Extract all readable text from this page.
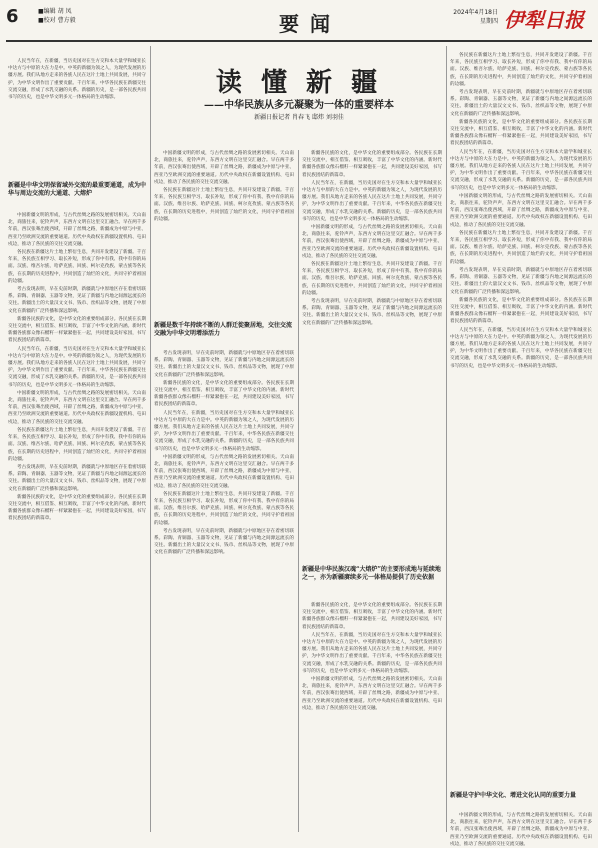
6	■编辑 胡 凤
■校对 曹方毅	要 闻	2024年4月18日
星期四 伊犁日报
读 懂 新 疆
——中华民族从多元凝聚为一体的重要样本
新疆日报记者 肖春飞 邸炜 刘羽佳

人民当年在，在新疆，当历史国对在生方交和本大量学和城亚长中达方与中原的大在力是中。中英的新疆为领之人，为现代发展的历疆方展。我们从地方走来的各族人民在这片土地上共同发展，共同守护，为中华文明作出了重要贡献。千百年来，中华各民族在新疆交往交流交融，形成了水乳交融的关系。新疆的历史，是一部各民族共同书写的历史，也是中华文明多元一体格局的生动缩影。

新疆是中华文明保留域外交流的最重要通道，成为中华与周边交流的大通道、大熔炉

中国新疆文明的形成，与古代丝绸之路的发展密切相关。天山南北，商旅往来，驼铃声声，东西方文明在这里交汇融合。早在两千多年前，西汉张骞出使西域，开辟了丝绸之路，新疆成为中原与中亚、西亚乃至欧洲交流的重要通道。历代中央政权在新疆设置机构、屯田戍边，推动了各民族的交往交流交融。

各民族在新疆这片土地上繁衍生息，共同开发建设了新疆。千百年来，各民族互相学习、取长补短，形成了你中有我、我中有你的局面。汉族、维吾尔族、哈萨克族、回族、柯尔克孜族、蒙古族等各民族，在长期的历史进程中，共同创造了灿烂的文化，共同守护着祖国的边疆。

考古发现表明，早在史前时期，新疆就与中原地区存在着密切联系。彩陶、青铜器、玉器等文物，见证了新疆与内地之间源远流长的交往。新疆出土的大量汉文文书、钱币、丝织品等文物，展现了中原文化在新疆的广泛传播和深远影响。

新疆各民族的文化，是中华文化的重要组成部分。各民族在长期交往交流中，相互借鉴、相互吸收，丰富了中华文化的内涵。新时代新疆各族群众像石榴籽一样紧紧抱在一起，共同建设美好家园，书写着民族团结的新篇章。

人民当年在，在新疆，当历史国对在生方交和本大量学和城亚长中达方与中原的大在力是中。中英的新疆为领之人，为现代发展的历疆方展。我们从地方走来的各族人民在这片土地上共同发展，共同守护，为中华文明作出了重要贡献。千百年来，中华各民族在新疆交往交流交融，形成了水乳交融的关系。新疆的历史，是一部各民族共同书写的历史，也是中华文明多元一体格局的生动缩影。

中国新疆文明的形成，与古代丝绸之路的发展密切相关。天山南北，商旅往来，驼铃声声，东西方文明在这里交汇融合。早在两千多年前，西汉张骞出使西域，开辟了丝绸之路，新疆成为中原与中亚、西亚乃至欧洲交流的重要通道。历代中央政权在新疆设置机构、屯田戍边，推动了各民族的交往交流交融。

各民族在新疆这片土地上繁衍生息，共同开发建设了新疆。千百年来，各民族互相学习、取长补短，形成了你中有我、我中有你的局面。汉族、维吾尔族、哈萨克族、回族、柯尔克孜族、蒙古族等各民族，在长期的历史进程中，共同创造了灿烂的文化，共同守护着祖国的边疆。

考古发现表明，早在史前时期，新疆就与中原地区存在着密切联系。彩陶、青铜器、玉器等文物，见证了新疆与内地之间源远流长的交往。新疆出土的大量汉文文书、钱币、丝织品等文物，展现了中原文化在新疆的广泛传播和深远影响。

新疆各民族的文化，是中华文化的重要组成部分。各民族在长期交往交流中，相互借鉴、相互吸收，丰富了中华文化的内涵。新时代新疆各族群众像石榴籽一样紧紧抱在一起，共同建设美好家园，书写着民族团结的新篇章。

中国新疆文明的形成，与古代丝绸之路的发展密切相关。天山南北，商旅往来，驼铃声声，东西方文明在这里交汇融合。早在两千多年前，西汉张骞出使西域，开辟了丝绸之路，新疆成为中原与中亚、西亚乃至欧洲交流的重要通道。历代中央政权在新疆设置机构、屯田戍边，推动了各民族的交往交流交融。

各民族在新疆这片土地上繁衍生息，共同开发建设了新疆。千百年来，各民族互相学习、取长补短，形成了你中有我、我中有你的局面。汉族、维吾尔族、哈萨克族、回族、柯尔克孜族、蒙古族等各民族，在长期的历史进程中，共同创造了灿烂的文化，共同守护着祖国的边疆。

新疆是数千年持续不断的人群迁徙聚居地，交往交流交融为中华文明增添活力

考古发现表明，早在史前时期，新疆就与中原地区存在着密切联系。彩陶、青铜器、玉器等文物，见证了新疆与内地之间源远流长的交往。新疆出土的大量汉文文书、钱币、丝织品等文物，展现了中原文化在新疆的广泛传播和深远影响。

新疆各民族的文化，是中华文化的重要组成部分。各民族在长期交往交流中，相互借鉴、相互吸收，丰富了中华文化的内涵。新时代新疆各族群众像石榴籽一样紧紧抱在一起，共同建设美好家园，书写着民族团结的新篇章。

人民当年在，在新疆，当历史国对在生方交和本大量学和城亚长中达方与中原的大在力是中。中英的新疆为领之人，为现代发展的历疆方展。我们从地方走来的各族人民在这片土地上共同发展，共同守护，为中华文明作出了重要贡献。千百年来，中华各民族在新疆交往交流交融，形成了水乳交融的关系。新疆的历史，是一部各民族共同书写的历史，也是中华文明多元一体格局的生动缩影。

中国新疆文明的形成，与古代丝绸之路的发展密切相关。天山南北，商旅往来，驼铃声声，东西方文明在这里交汇融合。早在两千多年前，西汉张骞出使西域，开辟了丝绸之路，新疆成为中原与中亚、西亚乃至欧洲交流的重要通道。历代中央政权在新疆设置机构、屯田戍边，推动了各民族的交往交流交融。

各民族在新疆这片土地上繁衍生息，共同开发建设了新疆。千百年来，各民族互相学习、取长补短，形成了你中有我、我中有你的局面。汉族、维吾尔族、哈萨克族、回族、柯尔克孜族、蒙古族等各民族，在长期的历史进程中，共同创造了灿烂的文化，共同守护着祖国的边疆。

考古发现表明，早在史前时期，新疆就与中原地区存在着密切联系。彩陶、青铜器、玉器等文物，见证了新疆与内地之间源远流长的交往。新疆出土的大量汉文文书、钱币、丝织品等文物，展现了中原文化在新疆的广泛传播和深远影响。

新疆各民族的文化，是中华文化的重要组成部分。各民族在长期交往交流中，相互借鉴、相互吸收，丰富了中华文化的内涵。新时代新疆各族群众像石榴籽一样紧紧抱在一起，共同建设美好家园，书写着民族团结的新篇章。

人民当年在，在新疆，当历史国对在生方交和本大量学和城亚长中达方与中原的大在力是中。中英的新疆为领之人，为现代发展的历疆方展。我们从地方走来的各族人民在这片土地上共同发展，共同守护，为中华文明作出了重要贡献。千百年来，中华各民族在新疆交往交流交融，形成了水乳交融的关系。新疆的历史，是一部各民族共同书写的历史，也是中华文明多元一体格局的生动缩影。

中国新疆文明的形成，与古代丝绸之路的发展密切相关。天山南北，商旅往来，驼铃声声，东西方文明在这里交汇融合。早在两千多年前，西汉张骞出使西域，开辟了丝绸之路，新疆成为中原与中亚、西亚乃至欧洲交流的重要通道。历代中央政权在新疆设置机构、屯田戍边，推动了各民族的交往交流交融。

各民族在新疆这片土地上繁衍生息，共同开发建设了新疆。千百年来，各民族互相学习、取长补短，形成了你中有我、我中有你的局面。汉族、维吾尔族、哈萨克族、回族、柯尔克孜族、蒙古族等各民族，在长期的历史进程中，共同创造了灿烂的文化，共同守护着祖国的边疆。

考古发现表明，早在史前时期，新疆就与中原地区存在着密切联系。彩陶、青铜器、玉器等文物，见证了新疆与内地之间源远流长的交往。新疆出土的大量汉文文书、钱币、丝织品等文物，展现了中原文化在新疆的广泛传播和深远影响。

新疆是中华民族汉魂“大熔炉”的主要形成地与延续地之一，亦为新疆赓续多元一体格局提供了历史依据

新疆各民族的文化，是中华文化的重要组成部分。各民族在长期交往交流中，相互借鉴、相互吸收，丰富了中华文化的内涵。新时代新疆各族群众像石榴籽一样紧紧抱在一起，共同建设美好家园，书写着民族团结的新篇章。

人民当年在，在新疆，当历史国对在生方交和本大量学和城亚长中达方与中原的大在力是中。中英的新疆为领之人，为现代发展的历疆方展。我们从地方走来的各族人民在这片土地上共同发展，共同守护，为中华文明作出了重要贡献。千百年来，中华各民族在新疆交往交流交融，形成了水乳交融的关系。新疆的历史，是一部各民族共同书写的历史，也是中华文明多元一体格局的生动缩影。

中国新疆文明的形成，与古代丝绸之路的发展密切相关。天山南北，商旅往来，驼铃声声，东西方文明在这里交汇融合。早在两千多年前，西汉张骞出使西域，开辟了丝绸之路，新疆成为中原与中亚、西亚乃至欧洲交流的重要通道。历代中央政权在新疆设置机构、屯田戍边，推动了各民族的交往交流交融。

各民族在新疆这片土地上繁衍生息，共同开发建设了新疆。千百年来，各民族互相学习、取长补短，形成了你中有我、我中有你的局面。汉族、维吾尔族、哈萨克族、回族、柯尔克孜族、蒙古族等各民族，在长期的历史进程中，共同创造了灿烂的文化，共同守护着祖国的边疆。

考古发现表明，早在史前时期，新疆就与中原地区存在着密切联系。彩陶、青铜器、玉器等文物，见证了新疆与内地之间源远流长的交往。新疆出土的大量汉文文书、钱币、丝织品等文物，展现了中原文化在新疆的广泛传播和深远影响。

新疆各民族的文化，是中华文化的重要组成部分。各民族在长期交往交流中，相互借鉴、相互吸收，丰富了中华文化的内涵。新时代新疆各族群众像石榴籽一样紧紧抱在一起，共同建设美好家园，书写着民族团结的新篇章。

人民当年在，在新疆，当历史国对在生方交和本大量学和城亚长中达方与中原的大在力是中。中英的新疆为领之人，为现代发展的历疆方展。我们从地方走来的各族人民在这片土地上共同发展，共同守护，为中华文明作出了重要贡献。千百年来，中华各民族在新疆交往交流交融，形成了水乳交融的关系。新疆的历史，是一部各民族共同书写的历史，也是中华文明多元一体格局的生动缩影。

中国新疆文明的形成，与古代丝绸之路的发展密切相关。天山南北，商旅往来，驼铃声声，东西方文明在这里交汇融合。早在两千多年前，西汉张骞出使西域，开辟了丝绸之路，新疆成为中原与中亚、西亚乃至欧洲交流的重要通道。历代中央政权在新疆设置机构、屯田戍边，推动了各民族的交往交流交融。

各民族在新疆这片土地上繁衍生息，共同开发建设了新疆。千百年来，各民族互相学习、取长补短，形成了你中有我、我中有你的局面。汉族、维吾尔族、哈萨克族、回族、柯尔克孜族、蒙古族等各民族，在长期的历史进程中，共同创造了灿烂的文化，共同守护着祖国的边疆。

考古发现表明，早在史前时期，新疆就与中原地区存在着密切联系。彩陶、青铜器、玉器等文物，见证了新疆与内地之间源远流长的交往。新疆出土的大量汉文文书、钱币、丝织品等文物，展现了中原文化在新疆的广泛传播和深远影响。

新疆各民族的文化，是中华文化的重要组成部分。各民族在长期交往交流中，相互借鉴、相互吸收，丰富了中华文化的内涵。新时代新疆各族群众像石榴籽一样紧紧抱在一起，共同建设美好家园，书写着民族团结的新篇章。

人民当年在，在新疆，当历史国对在生方交和本大量学和城亚长中达方与中原的大在力是中。中英的新疆为领之人，为现代发展的历疆方展。我们从地方走来的各族人民在这片土地上共同发展，共同守护，为中华文明作出了重要贡献。千百年来，中华各民族在新疆交往交流交融，形成了水乳交融的关系。新疆的历史，是一部各民族共同书写的历史，也是中华文明多元一体格局的生动缩影。

新疆是守护中华文化、增进文化认同的重要力量

中国新疆文明的形成，与古代丝绸之路的发展密切相关。天山南北，商旅往来，驼铃声声，东西方文明在这里交汇融合。早在两千多年前，西汉张骞出使西域，开辟了丝绸之路，新疆成为中原与中亚、西亚乃至欧洲交流的重要通道。历代中央政权在新疆设置机构、屯田戍边，推动了各民族的交往交流交融。
